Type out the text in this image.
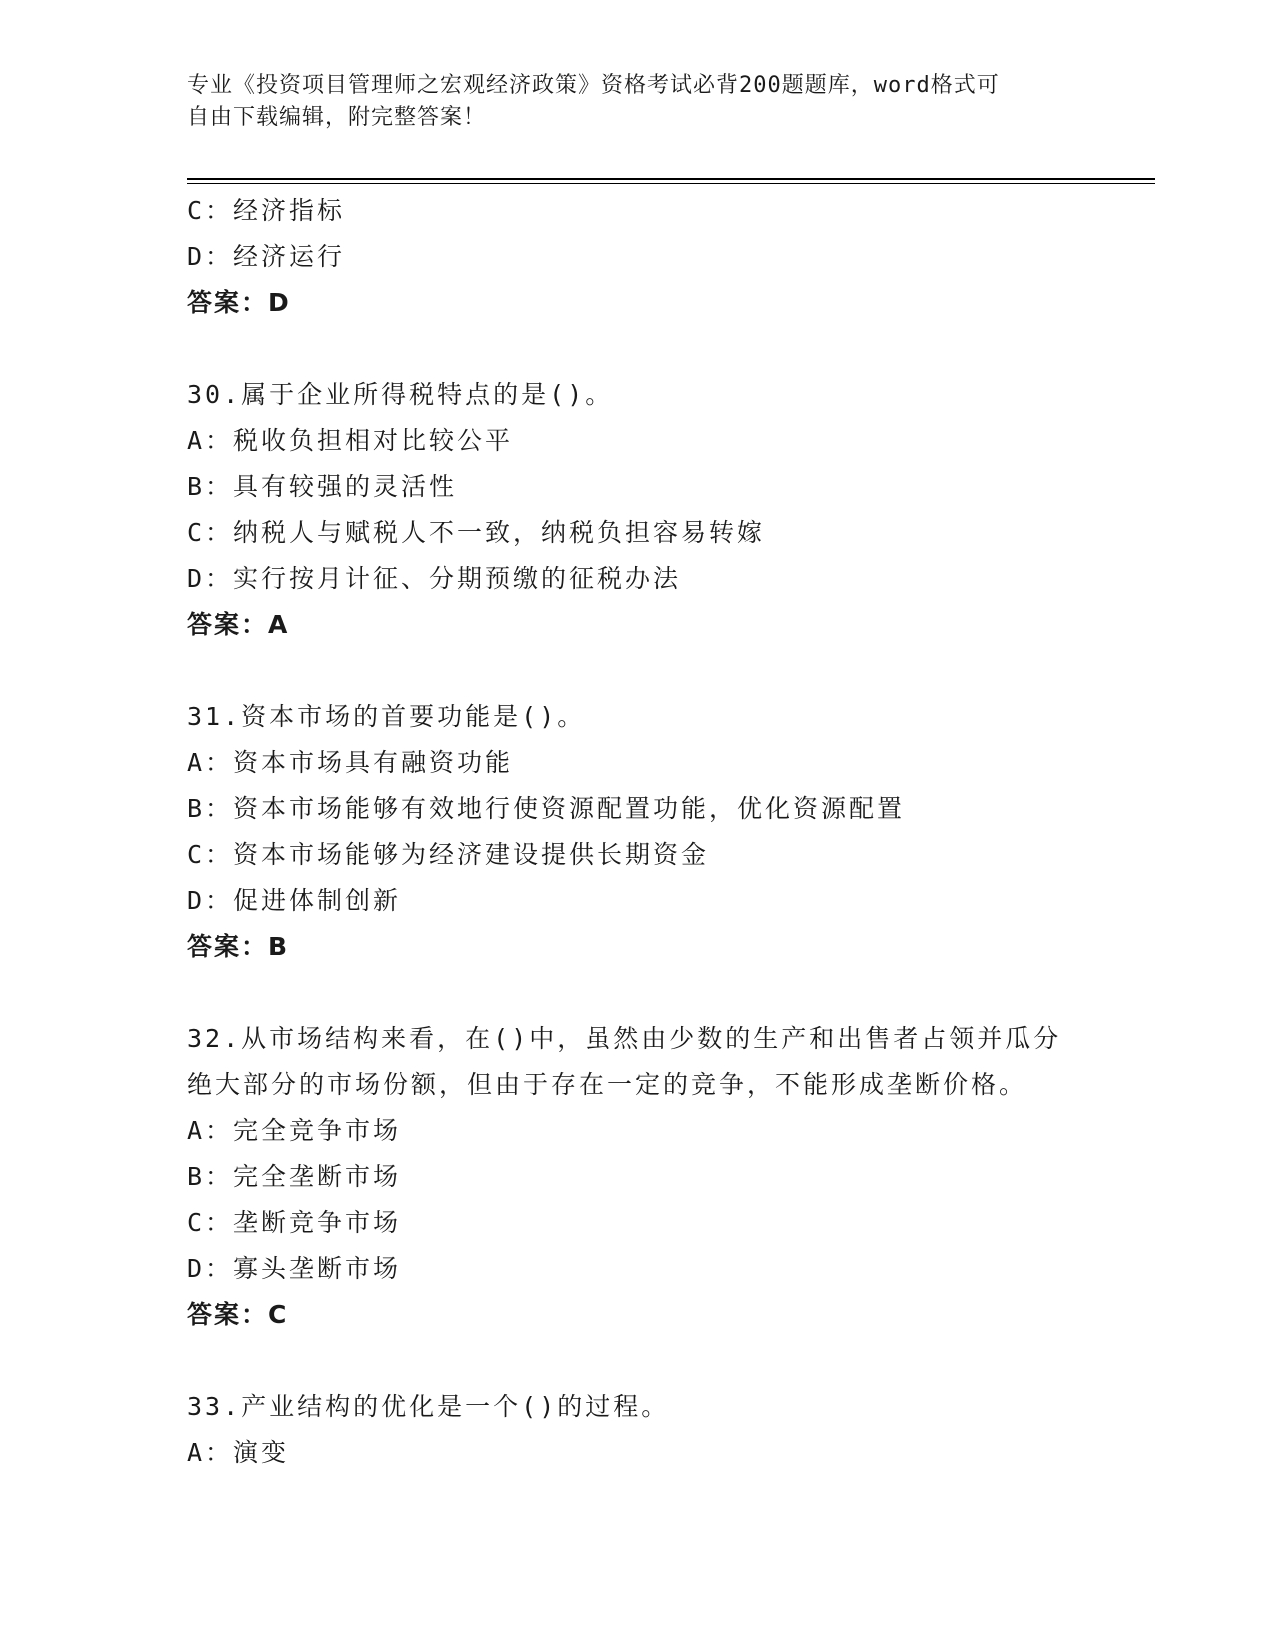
专业《投资项目管理师之宏观经济政策》资格考试必背200题题库，word格式可
自由下载编辑，附完整答案！
C：经济指标
D：经济运行
答案：D
30.属于企业所得税特点的是()。
A：税收负担相对比较公平
B：具有较强的灵活性
C：纳税人与赋税人不一致，纳税负担容易转嫁
D：实行按月计征、分期预缴的征税办法
答案：A
31.资本市场的首要功能是()。
A：资本市场具有融资功能
B：资本市场能够有效地行使资源配置功能，优化资源配置
C：资本市场能够为经济建设提供长期资金
D：促进体制创新
答案：B
32.从市场结构来看，在()中，虽然由少数的生产和出售者占领并瓜分
绝大部分的市场份额，但由于存在一定的竞争，不能形成垄断价格。
A：完全竞争市场
B：完全垄断市场
C：垄断竞争市场
D：寡头垄断市场
答案：C
33.产业结构的优化是一个()的过程。
A：演变
